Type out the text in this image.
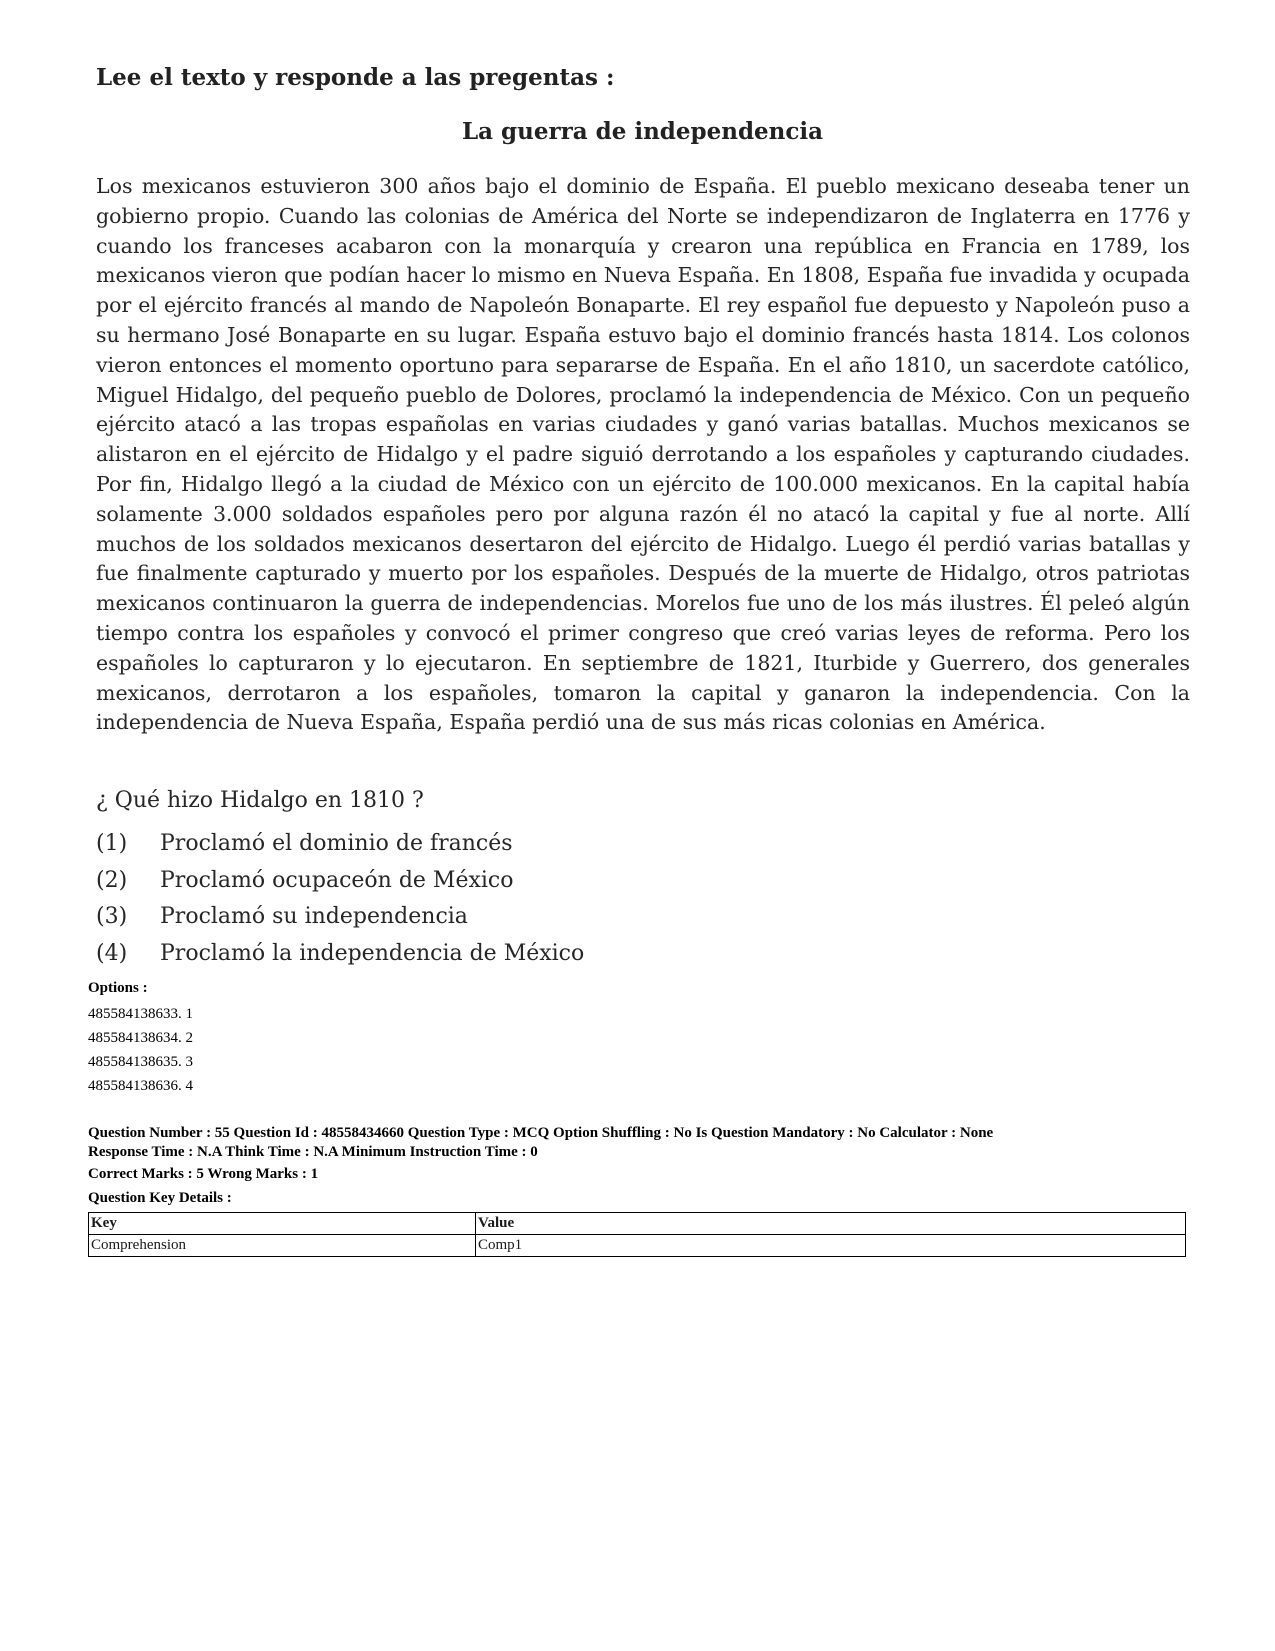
Lee el texto y responde a las pregentas :
La guerra de independencia

Los mexicanos estuvieron 300 años bajo el dominio de España. El pueblo mexicano deseaba tener un gobierno propio. Cuando las colonias de América del Norte se independizaron de Inglaterra en 1776 y cuando los franceses acabaron con la monarquía y crearon una república en Francia en 1789, los mexicanos vieron que podían hacer lo mismo en Nueva España. En 1808, España fue invadida y ocupada por el ejército francés al mando de Napoleón Bonaparte. El rey español fue depuesto y Napoleón puso a su hermano José Bonaparte en su lugar. España estuvo bajo el dominio francés hasta 1814. Los colonos vieron entonces el momento oportuno para separarse de España. En el año 1810, un sacerdote católico, Miguel Hidalgo, del pequeño pueblo de Dolores, proclamó la independencia de México. Con un pequeño ejército atacó a las tropas españolas en varias ciudades y ganó varias batallas. Muchos mexicanos se alistaron en el ejército de Hidalgo y el padre siguió derrotando a los españoles y capturando ciudades. Por fin, Hidalgo llegó a la ciudad de México con un ejército de 100.000 mexicanos. En la capital había solamente 3.000 soldados españoles pero por alguna razón él no atacó la capital y fue al norte. Allí muchos de los soldados mexicanos desertaron del ejército de Hidalgo. Luego él perdió varias batallas y fue finalmente capturado y muerto por los españoles. Después de la muerte de Hidalgo, otros patriotas mexicanos continuaron la guerra de independencias. Morelos fue uno de los más ilustres. Él peleó algún tiempo contra los españoles y convocó el primer congreso que creó varias leyes de reforma. Pero los españoles lo capturaron y lo ejecutaron. En septiembre de 1821, Iturbide y Guerrero, dos generales mexicanos, derrotaron a los españoles, tomaron la capital y ganaron la independencia. Con la independencia de Nueva España, España perdió una de sus más ricas colonias en América.

¿ Qué hizo Hidalgo en 1810 ?
(1) Proclamó el dominio de francés
(2) Proclamó ocupaceón de México
(3) Proclamó su independencia
(4) Proclamó la independencia de México
Options :
485584138633. 1
485584138634. 2
485584138635. 3
485584138636. 4
Question Number : 55 Question Id : 48558434660 Question Type : MCQ Option Shuffling : No Is Question Mandatory : No Calculator : None
Response Time : N.A Think Time : N.A Minimum Instruction Time : 0
Correct Marks : 5 Wrong Marks : 1
Question Key Details :
Key	Value
Comprehension	Comp1
